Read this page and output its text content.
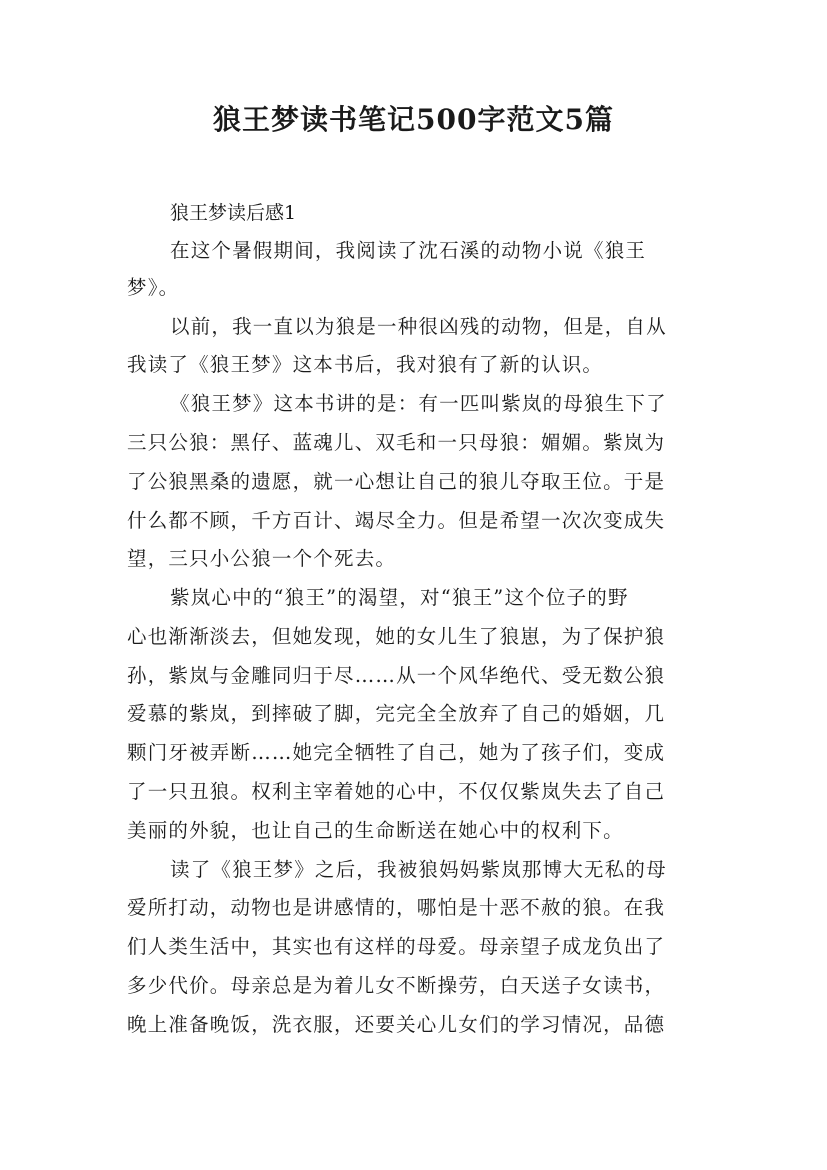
狼王梦读书笔记500字范文5篇
狼王梦读后感1
在这个暑假期间，我阅读了沈石溪的动物小说《狼王
梦》。
以前，我一直以为狼是一种很凶残的动物，但是，自从
我读了《狼王梦》这本书后，我对狼有了新的认识。
《狼王梦》这本书讲的是：有一匹叫紫岚的母狼生下了
三只公狼：黑仔、蓝魂儿、双毛和一只母狼：媚媚。紫岚为
了公狼黑桑的遗愿，就一心想让自己的狼儿夺取王位。于是
什么都不顾，千方百计、竭尽全力。但是希望一次次变成失
望，三只小公狼一个个死去。
紫岚心中的“狼王”的渴望，对“狼王”这个位子的野
心也渐渐淡去，但她发现，她的女儿生了狼崽，为了保护狼
孙，紫岚与金雕同归于尽……从一个风华绝代、受无数公狼
爱慕的紫岚，到摔破了脚，完完全全放弃了自己的婚姻，几
颗门牙被弄断……她完全牺牲了自己，她为了孩子们，变成
了一只丑狼。权利主宰着她的心中，不仅仅紫岚失去了自己
美丽的外貌，也让自己的生命断送在她心中的权利下。
读了《狼王梦》之后，我被狼妈妈紫岚那博大无私的母
爱所打动，动物也是讲感情的，哪怕是十恶不赦的狼。在我
们人类生活中，其实也有这样的母爱。母亲望子成龙负出了
多少代价。母亲总是为着儿女不断操劳，白天送子女读书，
晚上准备晚饭，洗衣服，还要关心儿女们的学习情况，品德
